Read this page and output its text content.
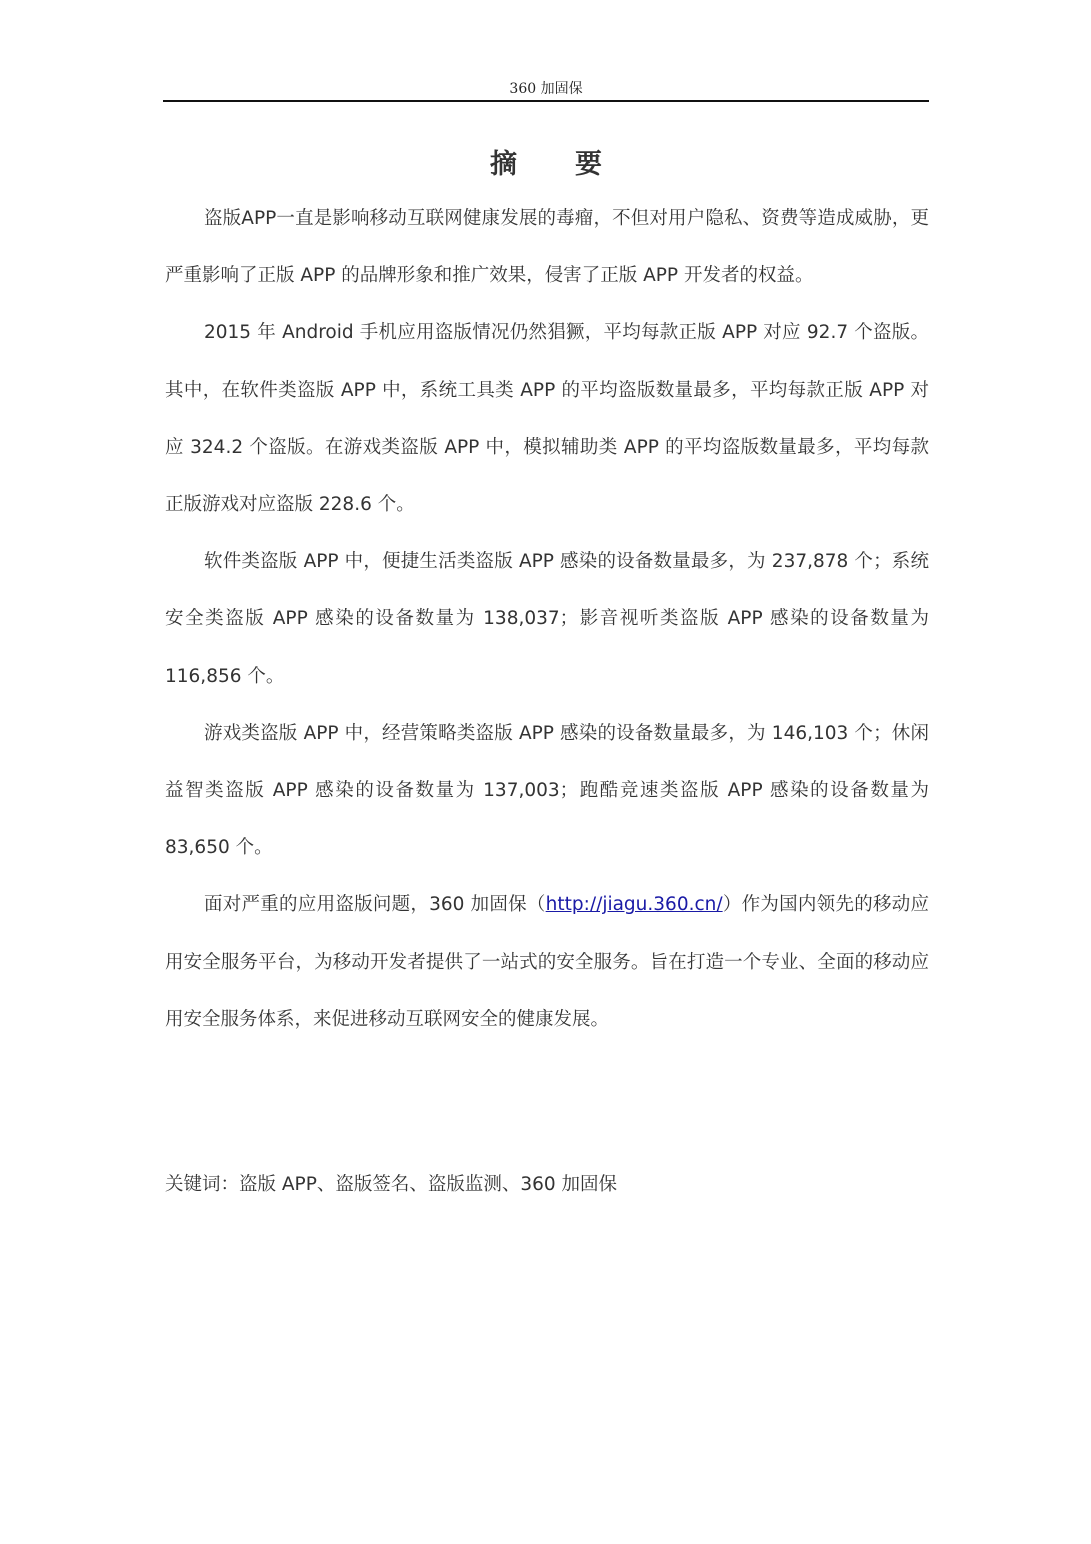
360 加固保
摘 要

盗版APP一直是影响移动互联网健康发展的毒瘤，不但对用户隐私、资费等造成威胁，更严重影响了正版 APP 的品牌形象和推广效果，侵害了正版 APP 开发者的权益。

2015 年 Android 手机应用盗版情况仍然猖獗，平均每款正版 APP 对应 92.7 个盗版。其中，在软件类盗版 APP 中，系统工具类 APP 的平均盗版数量最多，平均每款正版 APP 对应 324.2 个盗版。在游戏类盗版 APP 中，模拟辅助类 APP 的平均盗版数量最多，平均每款正版游戏对应盗版 228.6 个。

软件类盗版 APP 中，便捷生活类盗版 APP 感染的设备数量最多，为 237,878 个；系统安全类盗版 APP 感染的设备数量为 138,037；影音视听类盗版 APP 感染的设备数量为 116,856 个。

游戏类盗版 APP 中，经营策略类盗版 APP 感染的设备数量最多，为 146,103 个；休闲益智类盗版 APP 感染的设备数量为 137,003；跑酷竞速类盗版 APP 感染的设备数量为 83,650 个。

面对严重的应用盗版问题，360 加固保（http://jiagu.360.cn/）作为国内领先的移动应用安全服务平台，为移动开发者提供了一站式的安全服务。旨在打造一个专业、全面的移动应用安全服务体系，来促进移动互联网安全的健康发展。

关键词：盗版 APP、盗版签名、盗版监测、360 加固保
